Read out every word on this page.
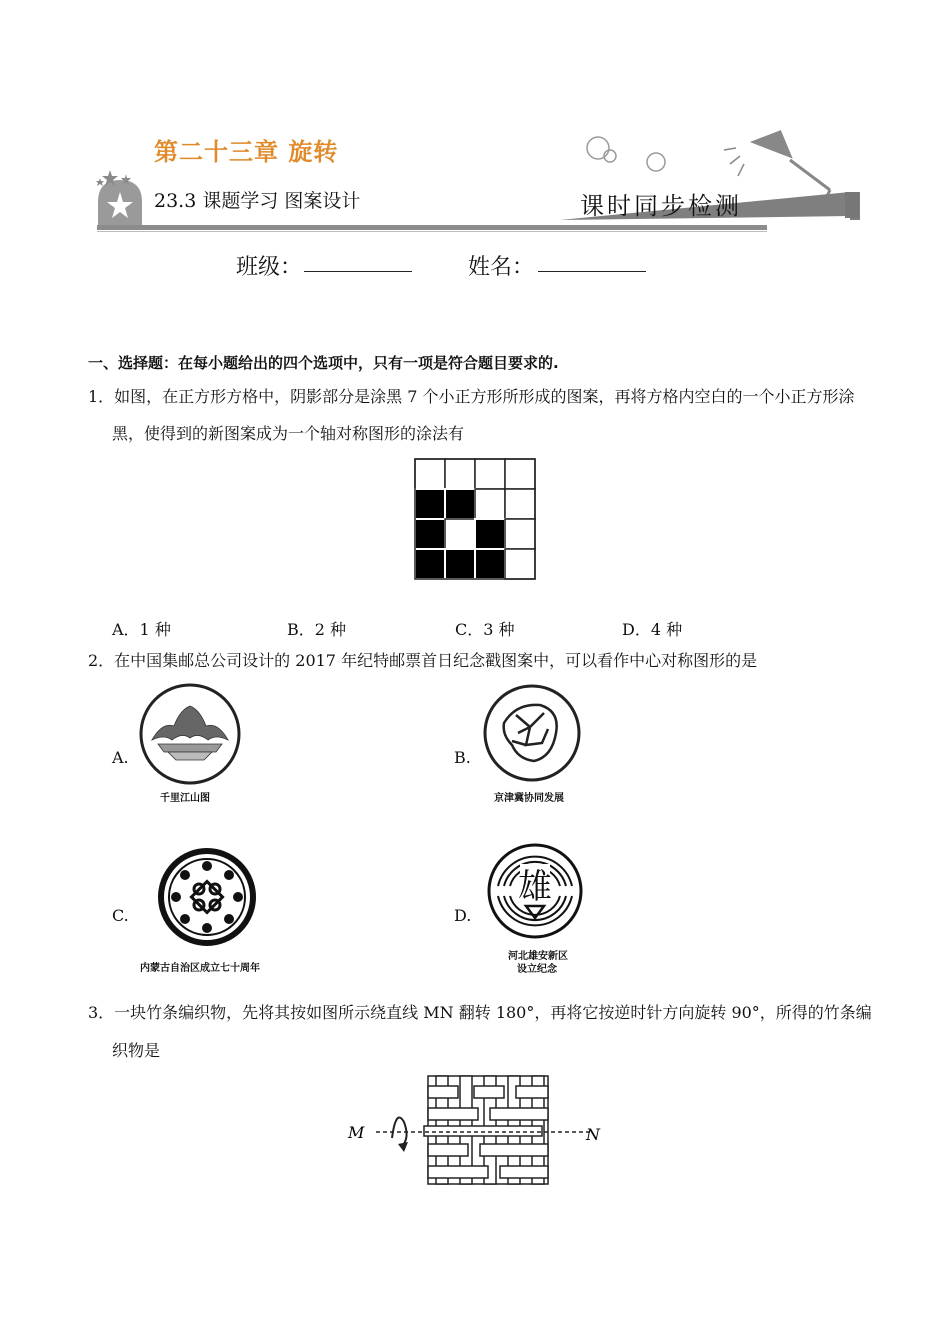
第二十三章 旋转
23.3 课题学习 图案设计	课时同步检测
班级：	姓名：
一、选择题：在每小题给出的四个选项中，只有一项是符合题目要求的.
1．如图，在正方形方格中，阴影部分是涂黑 7 个小正方形所形成的图案，再将方格内空白的一个小正方形涂
黑，使得到的新图案成为一个轴对称图形的涂法有
A．1 种	B．2 种	C．3 种	D．4 种
2．在中国集邮总公司设计的 2017 年纪特邮票首日纪念戳图案中，可以看作中心对称图形的是
A.
千里江山图
B.
京津冀协同发展
C.
内蒙古自治区成立七十周年
D.
雄
河北雄安新区
设立纪念
3．一块竹条编织物，先将其按如图所示绕直线 MN 翻转 180°，再将它按逆时针方向旋转 90°，所得的竹条编
织物是
M	N
